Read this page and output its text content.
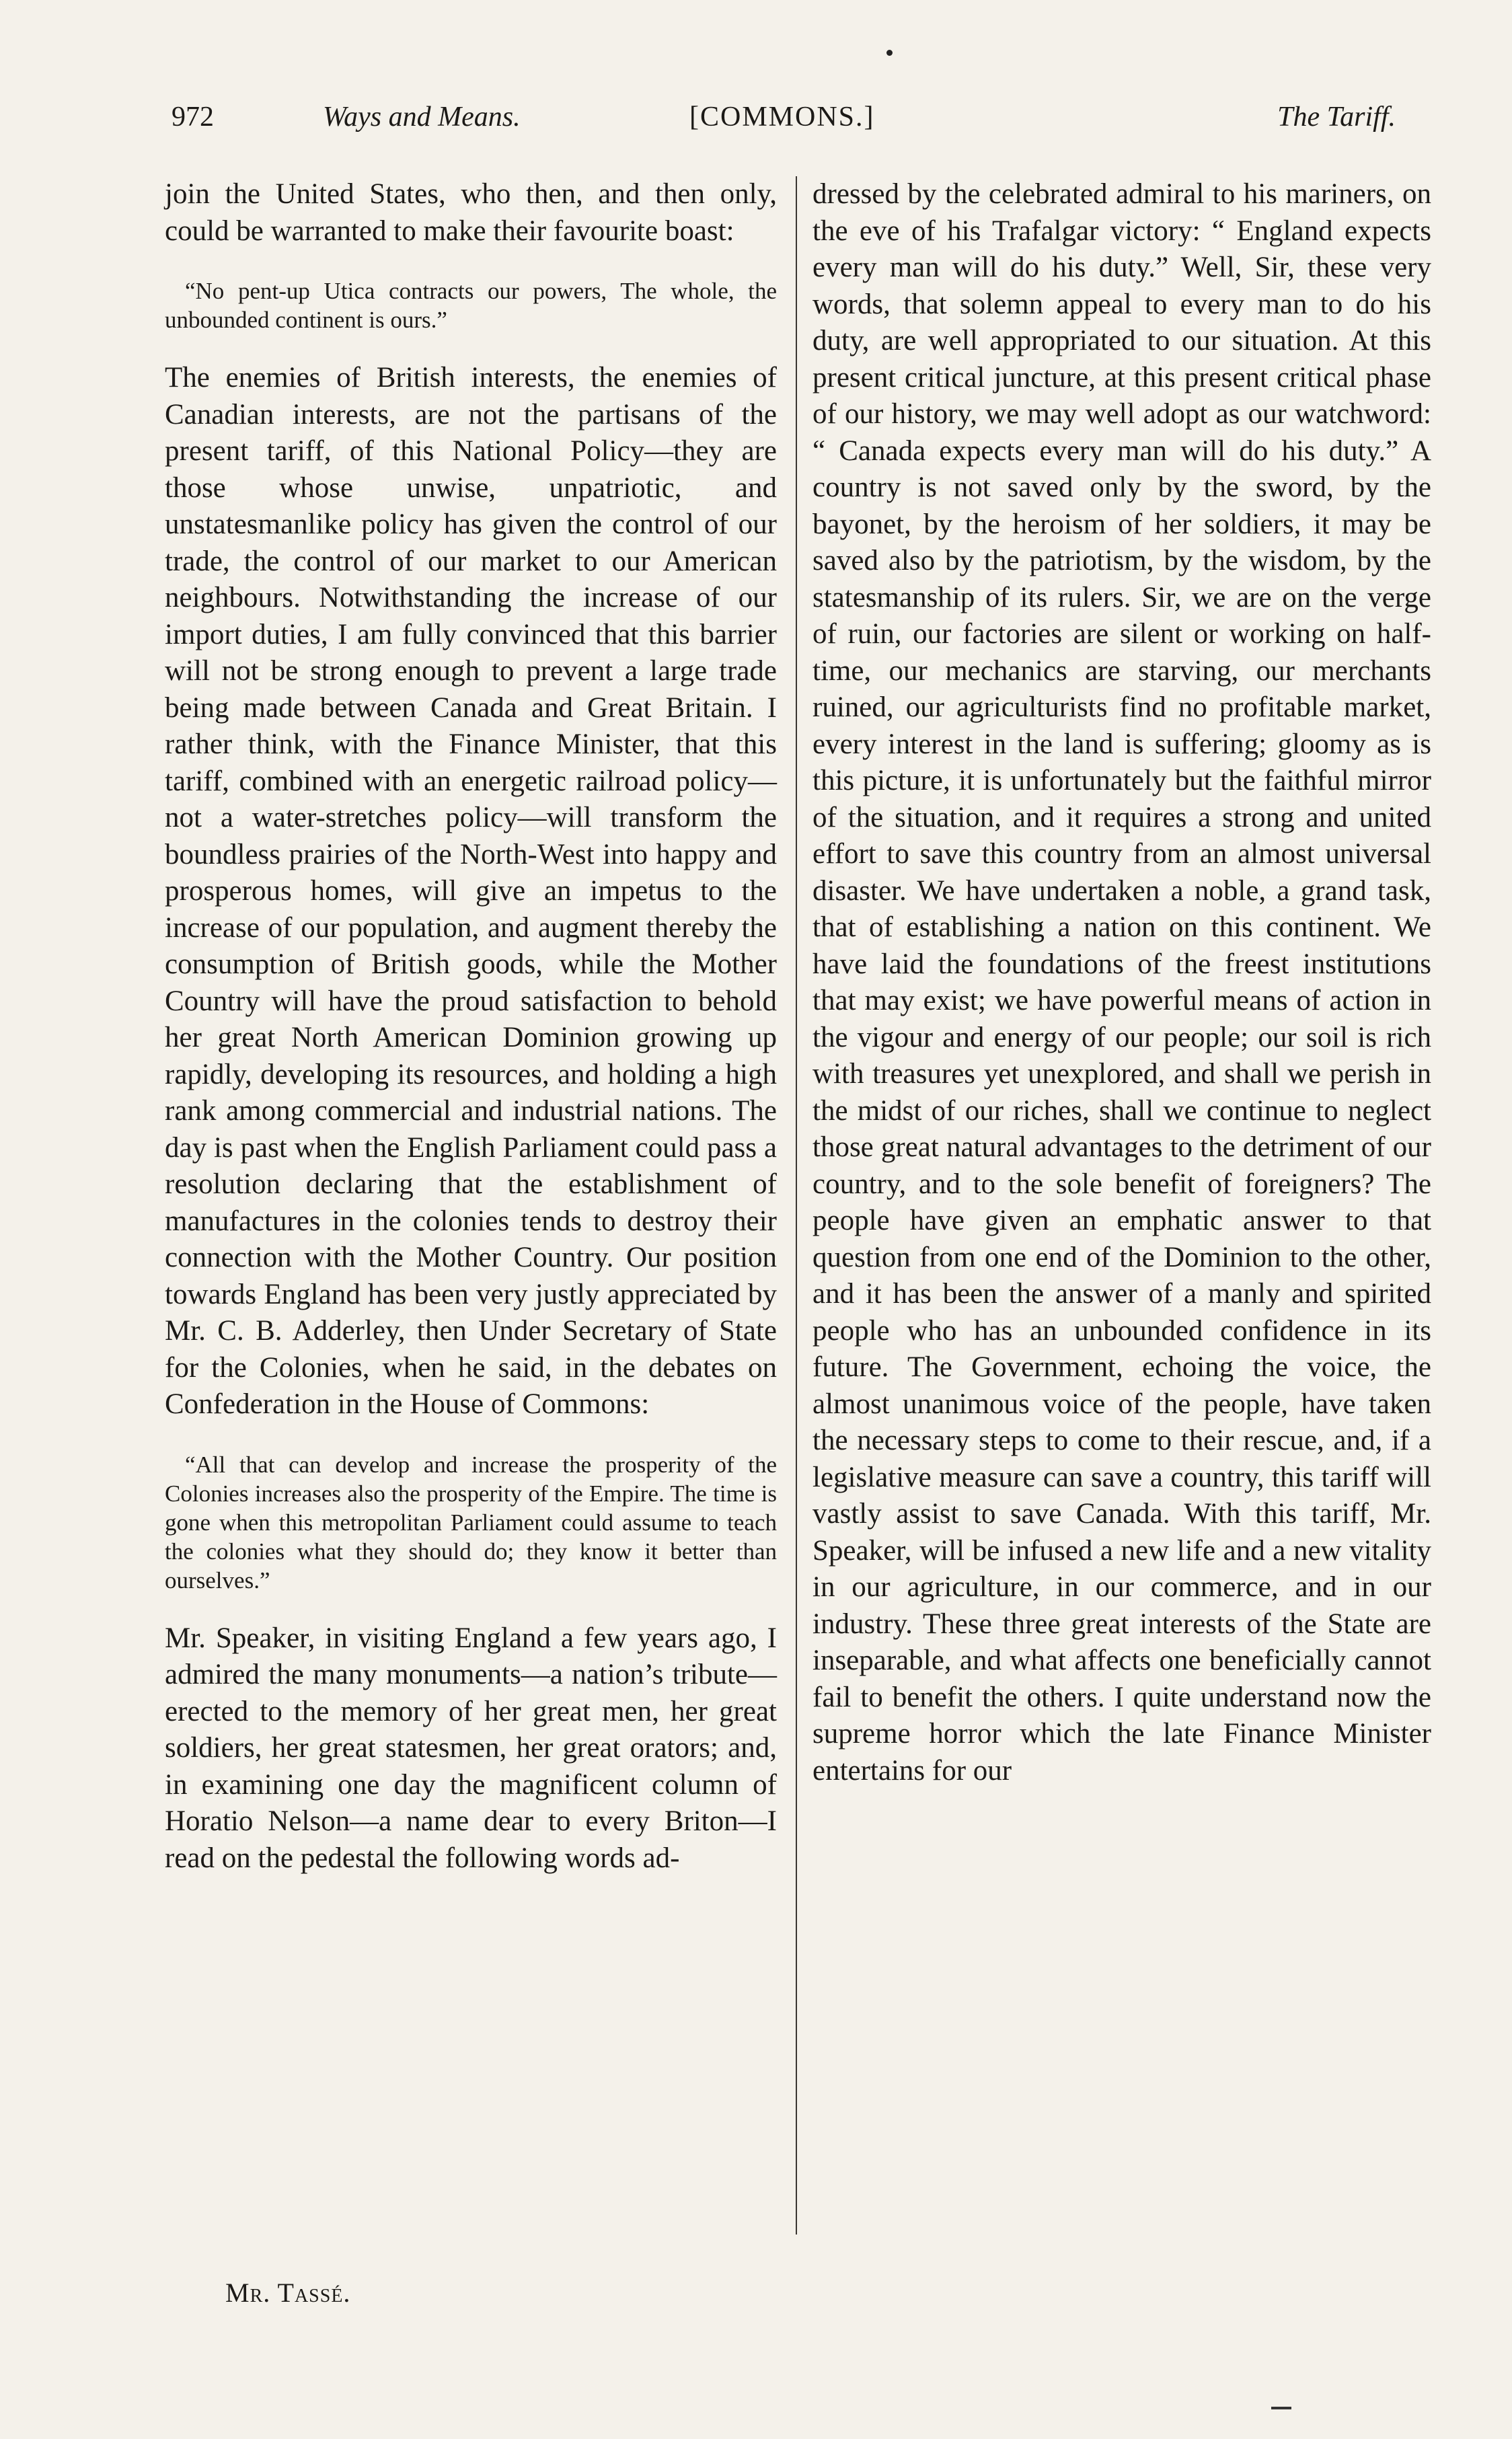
972	Ways and Means.	[COMMONS.]	The Tariff.

join the United States, who then, and then only, could be warranted to make their favourite boast:

“No pent-up Utica contracts our powers, The whole, the unbounded continent is ours.”

The enemies of British interests, the enemies of Canadian interests, are not the partisans of the present tariff, of this National Policy—they are those whose unwise, unpatriotic, and unstatesmanlike policy has given the control of our trade, the control of our market to our American neighbours. Notwithstanding the increase of our import duties, I am fully convinced that this barrier will not be strong enough to prevent a large trade being made between Canada and Great Britain. I rather think, with the Finance Minister, that this tariff, combined with an energetic railroad policy—not a water-stretches policy—will transform the boundless prairies of the North-West into happy and prosperous homes, will give an impetus to the increase of our population, and augment thereby the consumption of British goods, while the Mother Country will have the proud satisfaction to behold her great North American Dominion growing up rapidly, developing its resources, and holding a high rank among commercial and industrial nations. The day is past when the English Parliament could pass a resolution declaring that the establishment of manufactures in the colonies tends to destroy their connection with the Mother Country. Our position towards England has been very justly appreciated by Mr. C. B. Adderley, then Under Secretary of State for the Colonies, when he said, in the debates on Confederation in the House of Commons:

“All that can develop and increase the prosperity of the Colonies increases also the prosperity of the Empire. The time is gone when this metropolitan Parliament could assume to teach the colonies what they should do; they know it better than ourselves.”

Mr. Speaker, in visiting England a few years ago, I admired the many monuments—a nation’s tribute—erected to the memory of her great men, her great soldiers, her great statesmen, her great orators; and, in examining one day the magnificent column of Horatio Nelson—a name dear to every Briton—I read on the pedestal the following words ad-

dressed by the celebrated admiral to his mariners, on the eve of his Trafalgar victory: “ England expects every man will do his duty.” Well, Sir, these very words, that solemn appeal to every man to do his duty, are well appropriated to our situation. At this present critical juncture, at this present critical phase of our history, we may well adopt as our watchword: “ Canada expects every man will do his duty.” A country is not saved only by the sword, by the bayonet, by the heroism of her soldiers, it may be saved also by the patriotism, by the wisdom, by the statesmanship of its rulers. Sir, we are on the verge of ruin, our factories are silent or working on half-time, our mechanics are starving, our merchants ruined, our agriculturists find no profitable market, every interest in the land is suffering; gloomy as is this picture, it is unfortunately but the faithful mirror of the situation, and it requires a strong and united effort to save this country from an almost universal disaster. We have undertaken a noble, a grand task, that of establishing a nation on this continent. We have laid the foundations of the freest institutions that may exist; we have powerful means of action in the vigour and energy of our people; our soil is rich with treasures yet unexplored, and shall we perish in the midst of our riches, shall we continue to neglect those great natural advantages to the detriment of our country, and to the sole benefit of foreigners? The people have given an emphatic answer to that question from one end of the Dominion to the other, and it has been the answer of a manly and spirited people who has an unbounded confidence in its future. The Government, echoing the voice, the almost unanimous voice of the people, have taken the necessary steps to come to their rescue, and, if a legislative measure can save a country, this tariff will vastly assist to save Canada. With this tariff, Mr. Speaker, will be infused a new life and a new vitality in our agriculture, in our commerce, and in our industry. These three great interests of the State are inseparable, and what affects one beneficially cannot fail to benefit the others. I quite understand now the supreme horror which the late Finance Minister entertains for our

Mr. Tassé.
